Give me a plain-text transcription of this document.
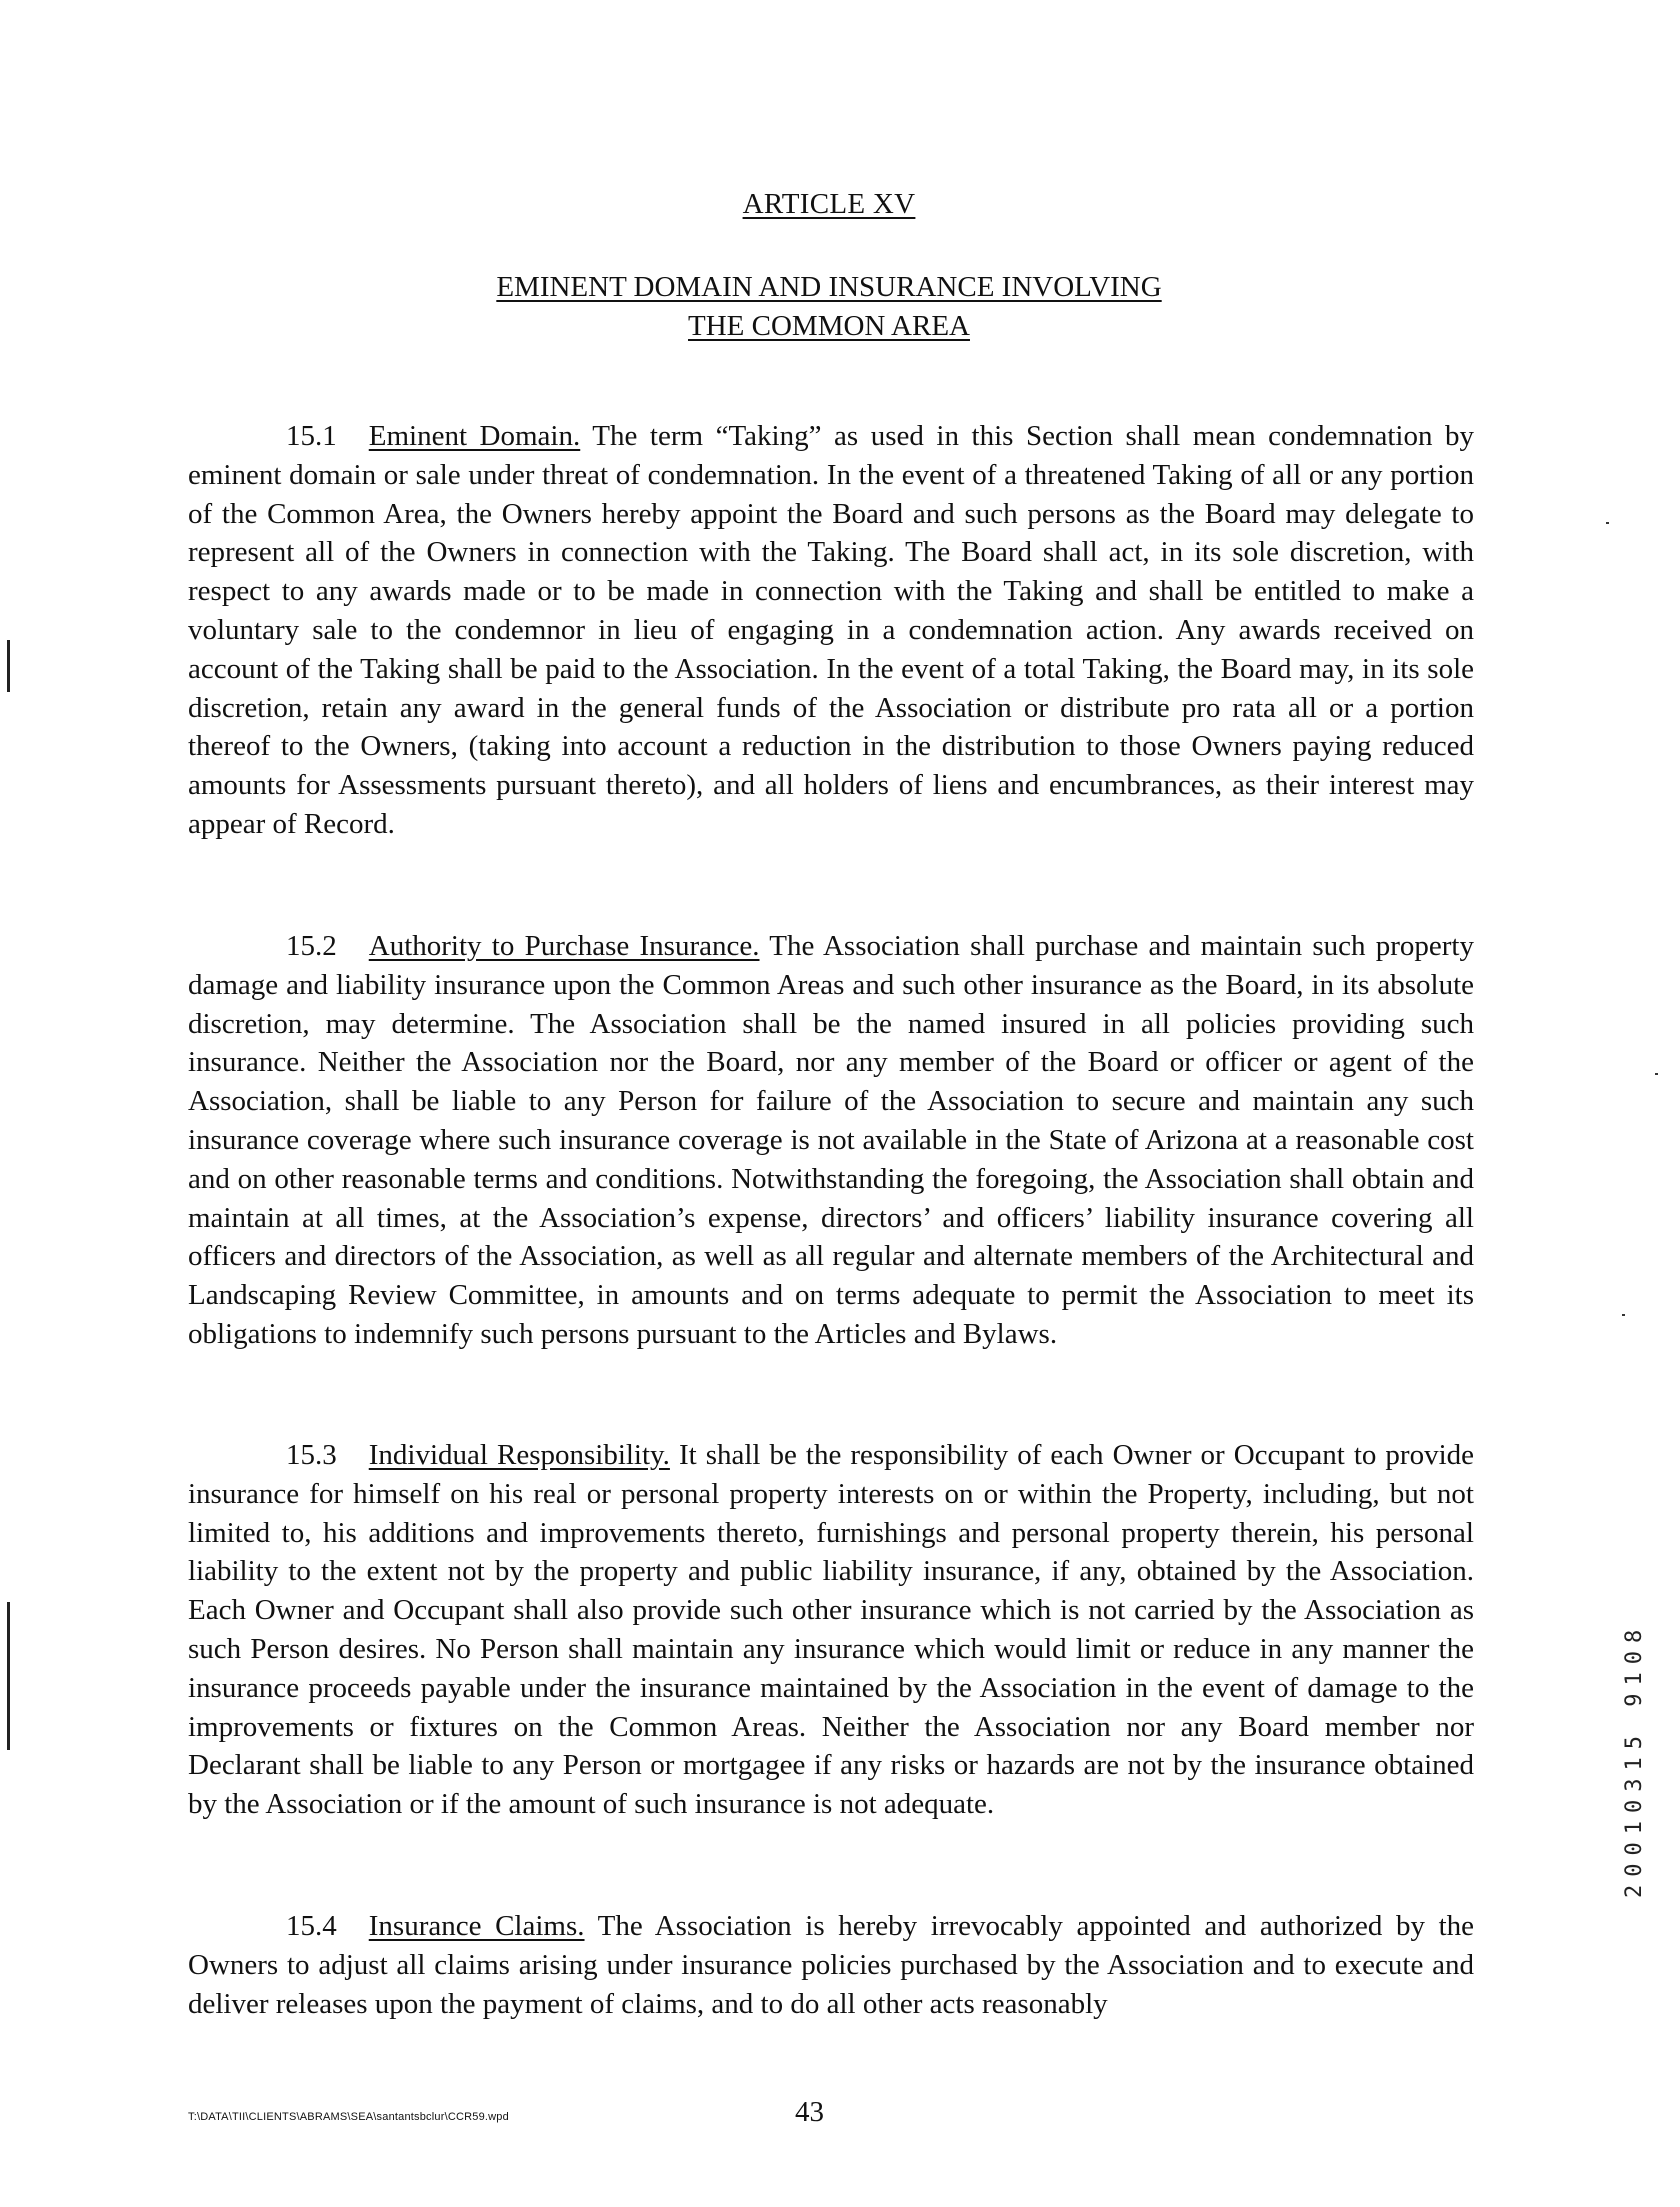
ARTICLE XV
EMINENT DOMAIN AND INSURANCE INVOLVING
THE COMMON AREA

15.1 Eminent Domain. The term “Taking” as used in this Section shall mean condemnation by eminent domain or sale under threat of condemnation. In the event of a threatened Taking of all or any portion of the Common Area, the Owners hereby appoint the Board and such persons as the Board may delegate to represent all of the Owners in connection with the Taking. The Board shall act, in its sole discretion, with respect to any awards made or to be made in connection with the Taking and shall be entitled to make a voluntary sale to the condemnor in lieu of engaging in a condemnation action. Any awards received on account of the Taking shall be paid to the Association. In the event of a total Taking, the Board may, in its sole discretion, retain any award in the general funds of the Association or distribute pro rata all or a portion thereof to the Owners, (taking into account a reduction in the distribution to those Owners paying reduced amounts for Assessments pursuant thereto), and all holders of liens and encumbrances, as their interest may appear of Record.

15.2 Authority to Purchase Insurance. The Association shall purchase and maintain such property damage and liability insurance upon the Common Areas and such other insurance as the Board, in its absolute discretion, may determine. The Association shall be the named insured in all policies providing such insurance. Neither the Association nor the Board, nor any member of the Board or officer or agent of the Association, shall be liable to any Person for failure of the Association to secure and maintain any such insurance coverage where such insurance coverage is not available in the State of Arizona at a reasonable cost and on other reasonable terms and conditions. Notwithstanding the foregoing, the Association shall obtain and maintain at all times, at the Association’s expense, directors’ and officers’ liability insurance covering all officers and directors of the Association, as well as all regular and alternate members of the Architectural and Landscaping Review Committee, in amounts and on terms adequate to permit the Association to meet its obligations to indemnify such persons pursuant to the Articles and Bylaws.

15.3 Individual Responsibility. It shall be the responsibility of each Owner or Occupant to provide insurance for himself on his real or personal property interests on or within the Property, including, but not limited to, his additions and improvements thereto, furnishings and personal property therein, his personal liability to the extent not by the property and public liability insurance, if any, obtained by the Association. Each Owner and Occupant shall also provide such other insurance which is not carried by the Association as such Person desires. No Person shall maintain any insurance which would limit or reduce in any manner the insurance proceeds payable under the insurance maintained by the Association in the event of damage to the improvements or fixtures on the Common Areas. Neither the Association nor any Board member nor Declarant shall be liable to any Person or mortgagee if any risks or hazards are not by the insurance obtained by the Association or if the amount of such insurance is not adequate.

15.4 Insurance Claims. The Association is hereby irrevocably appointed and authorized by the Owners to adjust all claims arising under insurance policies purchased by the Association and to execute and deliver releases upon the payment of claims, and to do all other acts reasonably

T:\DATA\TII\CLIENTS\ABRAMS\SEA\santantsbclur\CCR59.wpd	43
20010315 9108
